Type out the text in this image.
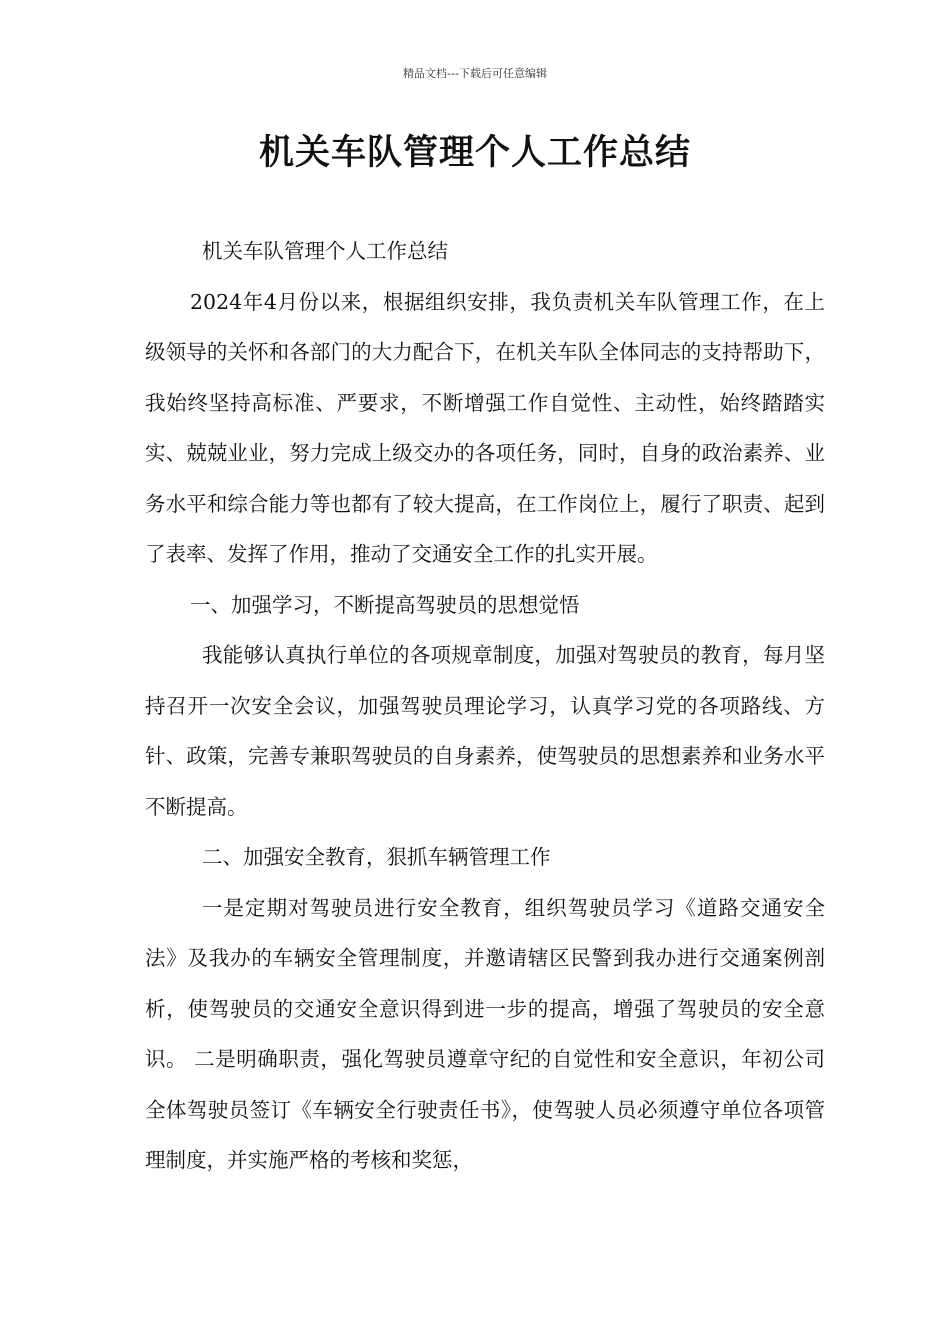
精品文档---下载后可任意编辑
机关车队管理个人工作总结

机关车队管理个人工作总结

2024年4月份以来，根据组织安排，我负责机关车队管理工作，在上级领导的关怀和各部门的大力配合下，在机关车队全体同志的支持帮助下，我始终坚持高标准、严要求，不断增强工作自觉性、主动性，始终踏踏实实、兢兢业业，努力完成上级交办的各项任务，同时，自身的政治素养、业务水平和综合能力等也都有了较大提高，在工作岗位上，履行了职责、起到了表率、发挥了作用，推动了交通安全工作的扎实开展。

一、加强学习，不断提高驾驶员的思想觉悟

我能够认真执行单位的各项规章制度，加强对驾驶员的教育，每月坚持召开一次安全会议，加强驾驶员理论学习，认真学习党的各项路线、方针、政策，完善专兼职驾驶员的自身素养，使驾驶员的思想素养和业务水平不断提高。

二、加强安全教育，狠抓车辆管理工作

一是定期对驾驶员进行安全教育，组织驾驶员学习《道路交通安全法》及我办的车辆安全管理制度，并邀请辖区民警到我办进行交通案例剖析，使驾驶员的交通安全意识得到进一步的提高，增强了驾驶员的安全意识。 二是明确职责，强化驾驶员遵章守纪的自觉性和安全意识，年初公司全体驾驶员签订《车辆安全行驶责任书》，使驾驶人员必须遵守单位各项管理制度，并实施严格的考核和奖惩，
